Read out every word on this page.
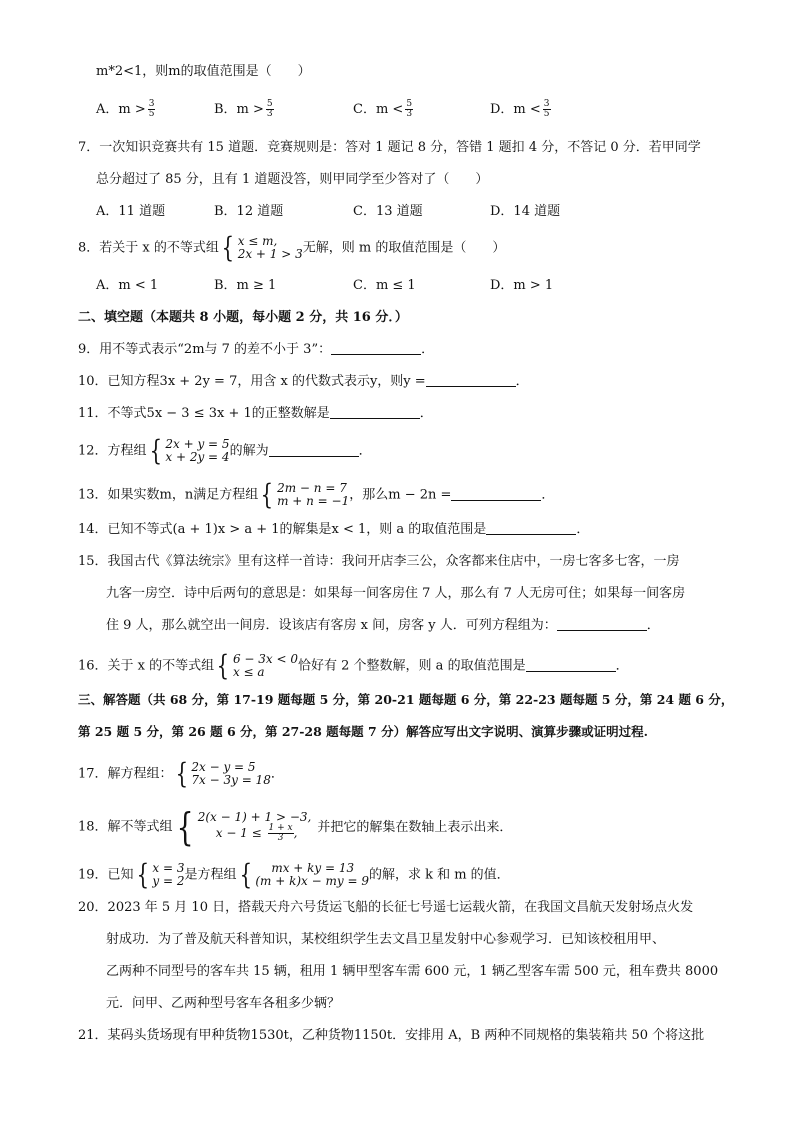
m*2<1，则m的取值范围是（　　）
A．$m > \frac{3}{5}$	B．$m > \frac{5}{3}$	C．$m < \frac{5}{3}$	D．$m < \frac{3}{5}$
7．一次知识竞赛共有 15 道题．竞赛规则是：答对 1 题记 8 分，答错 1 题扣 4 分，不答记 0 分．若甲同学
总分超过了 85 分，且有 1 道题没答，则甲同学至少答对了（　　）
A．11 道题	B．12 道题	C．13 道题	D．14 道题
8．若关于 x 的不等式组 { x ≤ m,
2x + 1 > 3 无解，则 m 的取值范围是（　　）
A．m < 1	B．m ≥ 1	C．m ≤ 1	D．m > 1
二、填空题（本题共 8 小题，每小题 2 分，共 16 分．）
9．用不等式表示“2m与 7 的差不小于 3”：	．
10．已知方程3x + 2y = 7，用含 x 的代数式表示y，则y =	．
11．不等式5x − 3 ≤ 3x + 1的正整数解是	．
12．方程组 { 2x + y = 5
x + 2y = 4 的解为	．
13．如果实数m，n满足方程组 { 2m − n = 7
m + n = −1 ，那么m − 2n =	．
14．已知不等式(a + 1)x > a + 1的解集是x < 1，则 a 的取值范围是	．
15．我国古代《算法统宗》里有这样一首诗：我问开店李三公，众客都来住店中，一房七客多七客，一房
九客一房空．诗中后两句的意思是：如果每一间客房住 7 人，那么有 7 人无房可住；如果每一间客房
住 9 人，那么就空出一间房．设该店有客房 x 间，房客 y 人．可列方程组为：	．
16．关于 x 的不等式组 { 6 − 3x < 0
x ≤ a	恰好有 2 个整数解，则 a 的取值范围是	．
三、解答题（共 68 分，第 17-19 题每题 5 分，第 20-21 题每题 6 分，第 22-23 题每题 5 分，第 24 题 6 分，
第 25 题 5 分，第 26 题 6 分，第 27-28 题每题 7 分）解答应写出文字说明、演算步骤或证明过程.
17．解方程组： { 2x − y = 5
7x − 3y = 18 ．
18．解不等式组 { 2(x − 1) + 1 > −3,
$x - 1 \le \frac{1 + x}{3}$ ,	并把它的解集在数轴上表示出来．
19．已知 { x = 3
y = 2 是方程组 {	mx + ky = 13
(m + k)x − my = 9 的解，求 k 和 m 的值．
20．2023 年 5 月 10 日，搭载天舟六号货运飞船的长征七号遥七运载火箭，在我国文昌航天发射场点火发
射成功．为了普及航天科普知识，某校组织学生去文昌卫星发射中心参观学习．已知该校租用甲、
乙两种不同型号的客车共 15 辆，租用 1 辆甲型客车需 600 元，1 辆乙型客车需 500 元，租车费共 8000
元．问甲、乙两种型号客车各租多少辆？
21．某码头货场现有甲种货物1530t，乙种货物1150t．安排用 A，B 两种不同规格的集装箱共 50 个将这批
